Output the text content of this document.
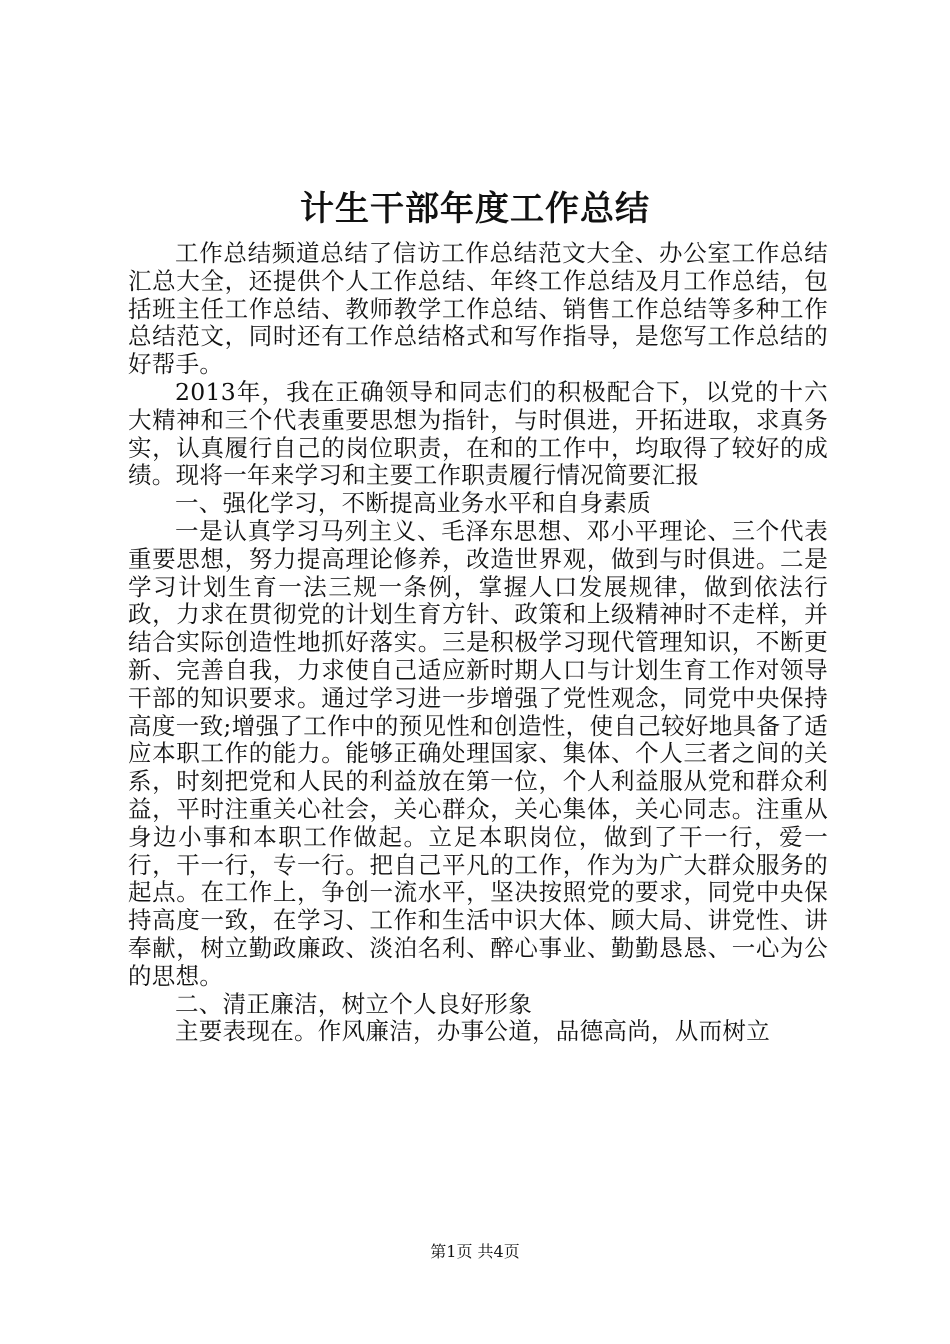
计生干部年度工作总结

工作总结频道总结了信访工作总结范文大全、办公室工作总结汇总大全，还提供个人工作总结、年终工作总结及月工作总结，包括班主任工作总结、教师教学工作总结、销售工作总结等多种工作总结范文，同时还有工作总结格式和写作指导，是您写工作总结的好帮手。

2013年，我在正确领导和同志们的积极配合下，以党的十六大精神和三个代表重要思想为指针，与时俱进，开拓进取，求真务实，认真履行自己的岗位职责，在和的工作中，均取得了较好的成绩。现将一年来学习和主要工作职责履行情况简要汇报

一、强化学习，不断提高业务水平和自身素质

一是认真学习马列主义、毛泽东思想、邓小平理论、三个代表重要思想，努力提高理论修养，改造世界观，做到与时俱进。二是学习计划生育一法三规一条例，掌握人口发展规律，做到依法行政，力求在贯彻党的计划生育方针、政策和上级精神时不走样，并结合实际创造性地抓好落实。三是积极学习现代管理知识，不断更新、完善自我，力求使自己适应新时期人口与计划生育工作对领导干部的知识要求。通过学习进一步增强了党性观念，同党中央保持高度一致;增强了工作中的预见性和创造性，使自己较好地具备了适应本职工作的能力。能够正确处理国家、集体、个人三者之间的关系，时刻把党和人民的利益放在第一位，个人利益服从党和群众利益，平时注重关心社会，关心群众，关心集体，关心同志。注重从身边小事和本职工作做起。立足本职岗位，做到了干一行，爱一行，干一行，专一行。把自己平凡的工作，作为为广大群众服务的起点。在工作上，争创一流水平，坚决按照党的要求，同党中央保持高度一致，在学习、工作和生活中识大体、顾大局、讲党性、讲奉献，树立勤政廉政、淡泊名利、醉心事业、勤勤恳恳、一心为公的思想。

二、清正廉洁，树立个人良好形象

主要表现在。作风廉洁，办事公道，品德高尚，从而树立

第1页 共4页
